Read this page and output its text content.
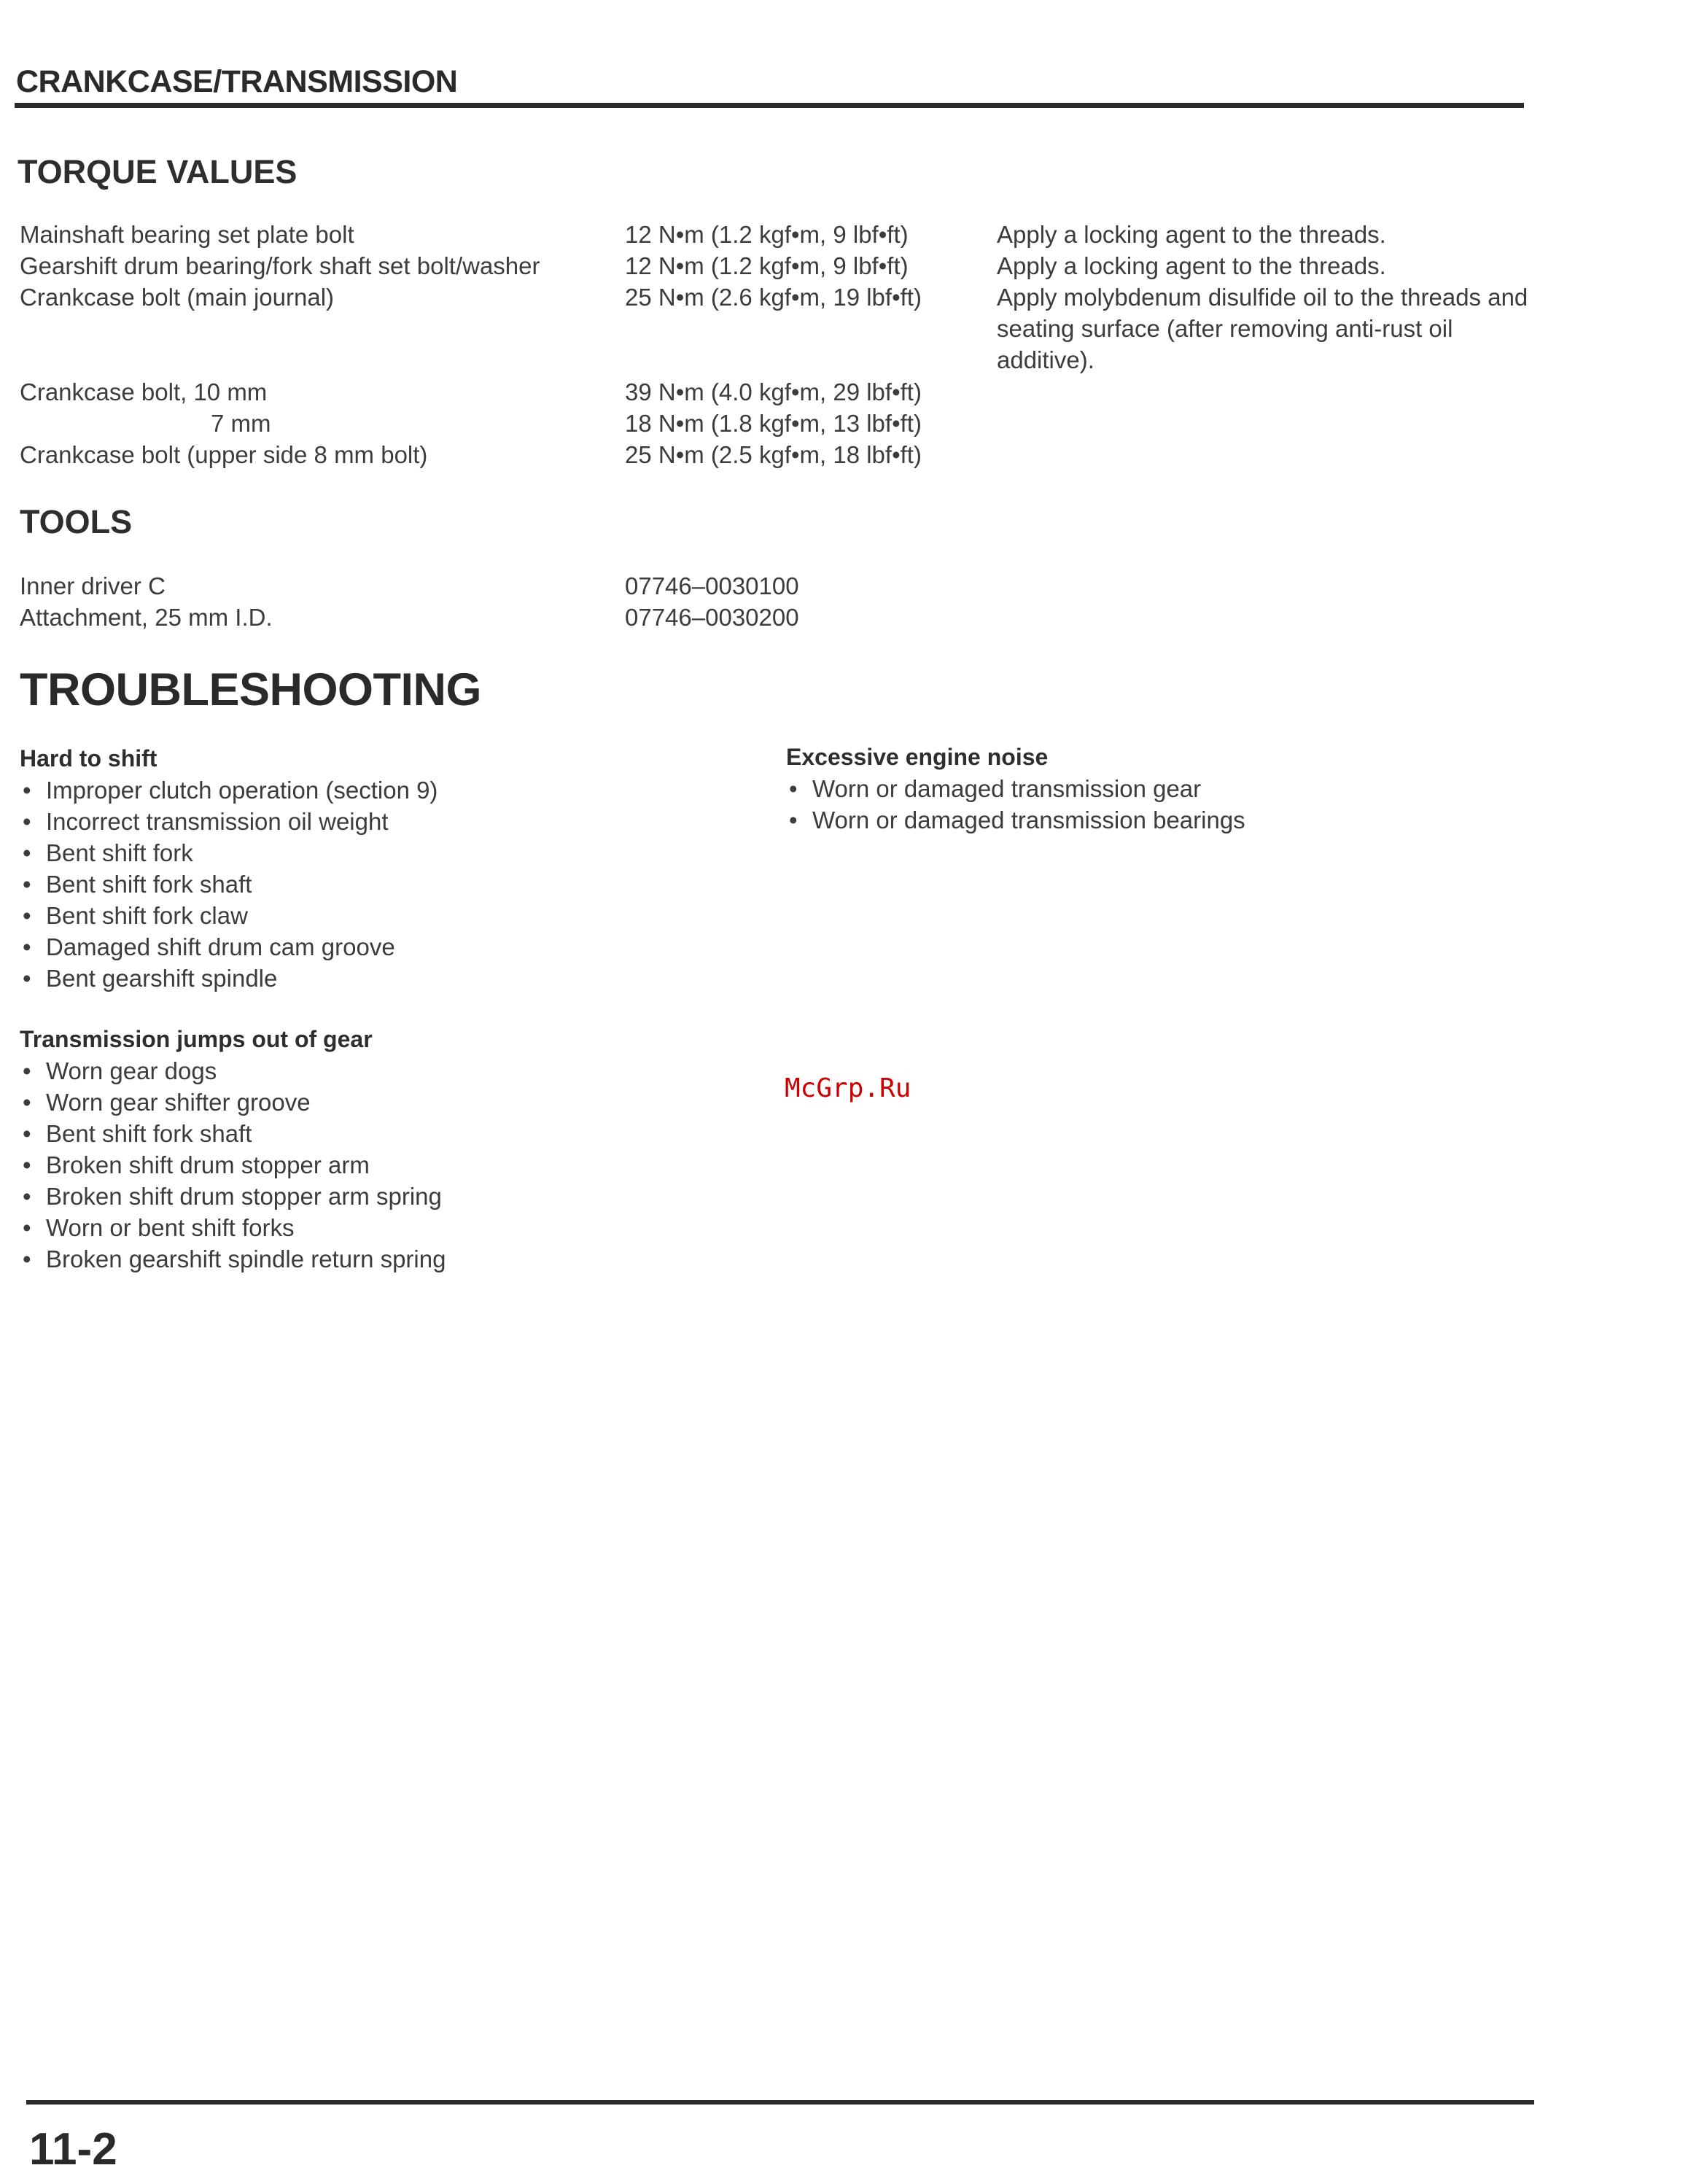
CRANKCASE/TRANSMISSION
TORQUE VALUES
Mainshaft bearing set plate bolt	12 N•m (1.2 kgf•m, 9 lbf•ft)	Apply a locking agent to the threads.
Gearshift drum bearing/fork shaft set bolt/washer	12 N•m (1.2 kgf•m, 9 lbf•ft)	Apply a locking agent to the threads.
Crankcase bolt (main journal)	25 N•m (2.6 kgf•m, 19 lbf•ft)	Apply molybdenum disulfide oil to the threads and seating surface (after removing anti-rust oil additive).
Crankcase bolt, 10 mm	39 N•m (4.0 kgf•m, 29 lbf•ft)
7 mm	18 N•m (1.8 kgf•m, 13 lbf•ft)
Crankcase bolt (upper side 8 mm bolt)	25 N•m (2.5 kgf•m, 18 lbf•ft)
TOOLS
Inner driver C	07746–0030100
Attachment, 25 mm I.D.	07746–0030200
TROUBLESHOOTING
Hard to shift
• Improper clutch operation (section 9)
• Incorrect transmission oil weight
• Bent shift fork
• Bent shift fork shaft
• Bent shift fork claw
• Damaged shift drum cam groove
• Bent gearshift spindle
Transmission jumps out of gear
• Worn gear dogs
• Worn gear shifter groove
• Bent shift fork shaft
• Broken shift drum stopper arm
• Broken shift drum stopper arm spring
• Worn or bent shift forks
• Broken gearshift spindle return spring
Excessive engine noise
• Worn or damaged transmission gear
• Worn or damaged transmission bearings
McGrp.Ru
11-2
